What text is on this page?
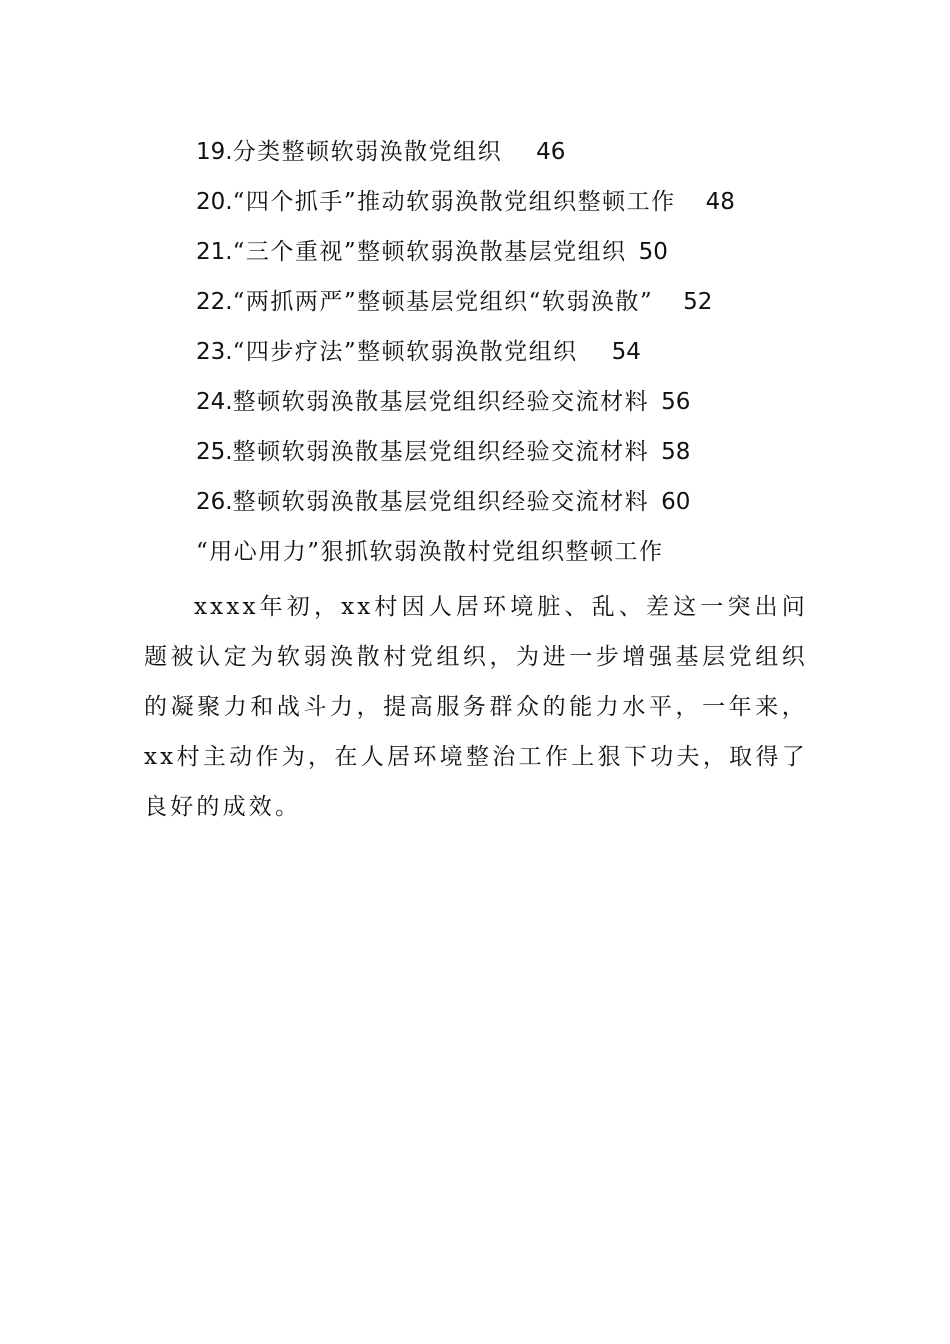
19.分类整顿软弱涣散党组织 46
20.“四个抓手”推动软弱涣散党组织整顿工作 48
21.“三个重视”整顿软弱涣散基层党组织 50
22.“两抓两严”整顿基层党组织“软弱涣散” 52
23.“四步疗法”整顿软弱涣散党组织 54
24.整顿软弱涣散基层党组织经验交流材料 56
25.整顿软弱涣散基层党组织经验交流材料 58
26.整顿软弱涣散基层党组织经验交流材料 60
“用心用力”狠抓软弱涣散村党组织整顿工作

xxxx年初，xx村因人居环境脏、乱、差这一突出问题被认定为软弱涣散村党组织，为进一步增强基层党组织的凝聚力和战斗力，提高服务群众的能力水平，一年来，xx村主动作为，在人居环境整治工作上狠下功夫，取得了良好的成效。
